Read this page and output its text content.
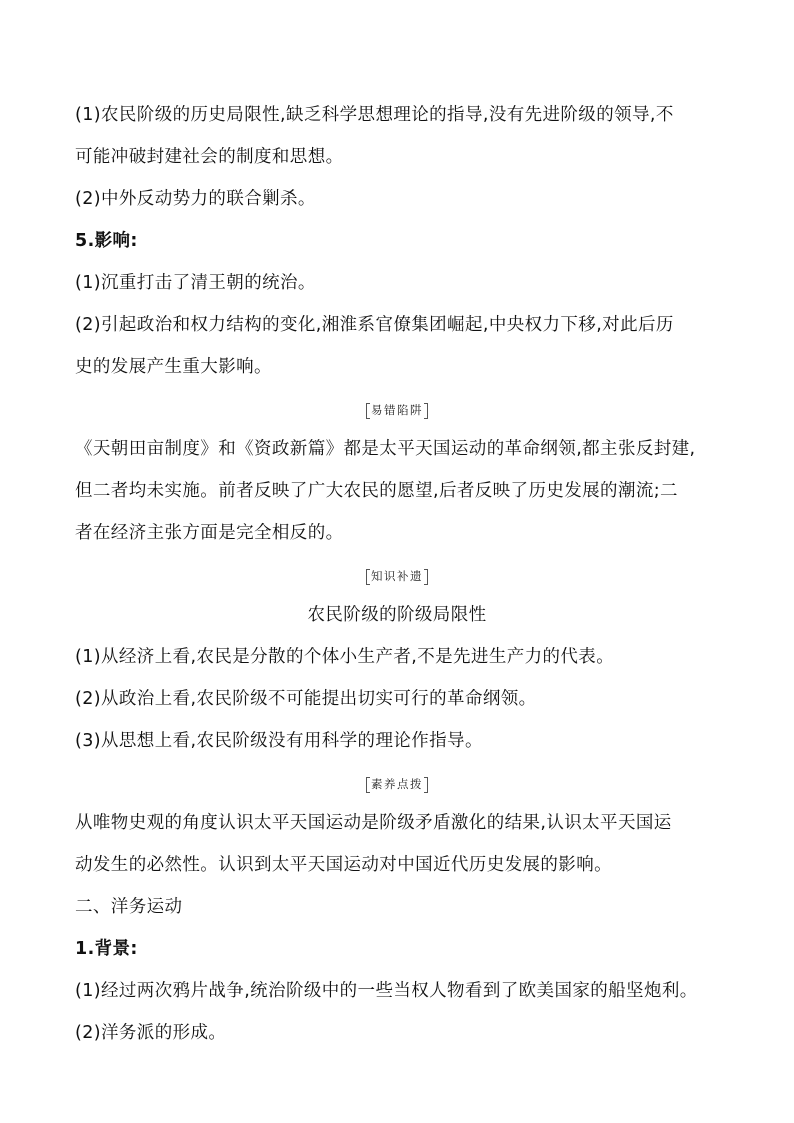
(1)农民阶级的历史局限性,缺乏科学思想理论的指导,没有先进阶级的领导,不
可能冲破封建社会的制度和思想。
(2)中外反动势力的联合剿杀。
5.影响:
(1)沉重打击了清王朝的统治。
(2)引起政治和权力结构的变化,湘淮系官僚集团崛起,中央权力下移,对此后历
史的发展产生重大影响。
易错陷阱
《天朝田亩制度》和《资政新篇》都是太平天国运动的革命纲领,都主张反封建,
但二者均未实施。前者反映了广大农民的愿望,后者反映了历史发展的潮流;二
者在经济主张方面是完全相反的。
知识补遗
农民阶级的阶级局限性
(1)从经济上看,农民是分散的个体小生产者,不是先进生产力的代表。
(2)从政治上看,农民阶级不可能提出切实可行的革命纲领。
(3)从思想上看,农民阶级没有用科学的理论作指导。
素养点拨
从唯物史观的角度认识太平天国运动是阶级矛盾激化的结果,认识太平天国运
动发生的必然性。认识到太平天国运动对中国近代历史发展的影响。
二、洋务运动
1.背景:
(1)经过两次鸦片战争,统治阶级中的一些当权人物看到了欧美国家的船坚炮利。
(2)洋务派的形成。
